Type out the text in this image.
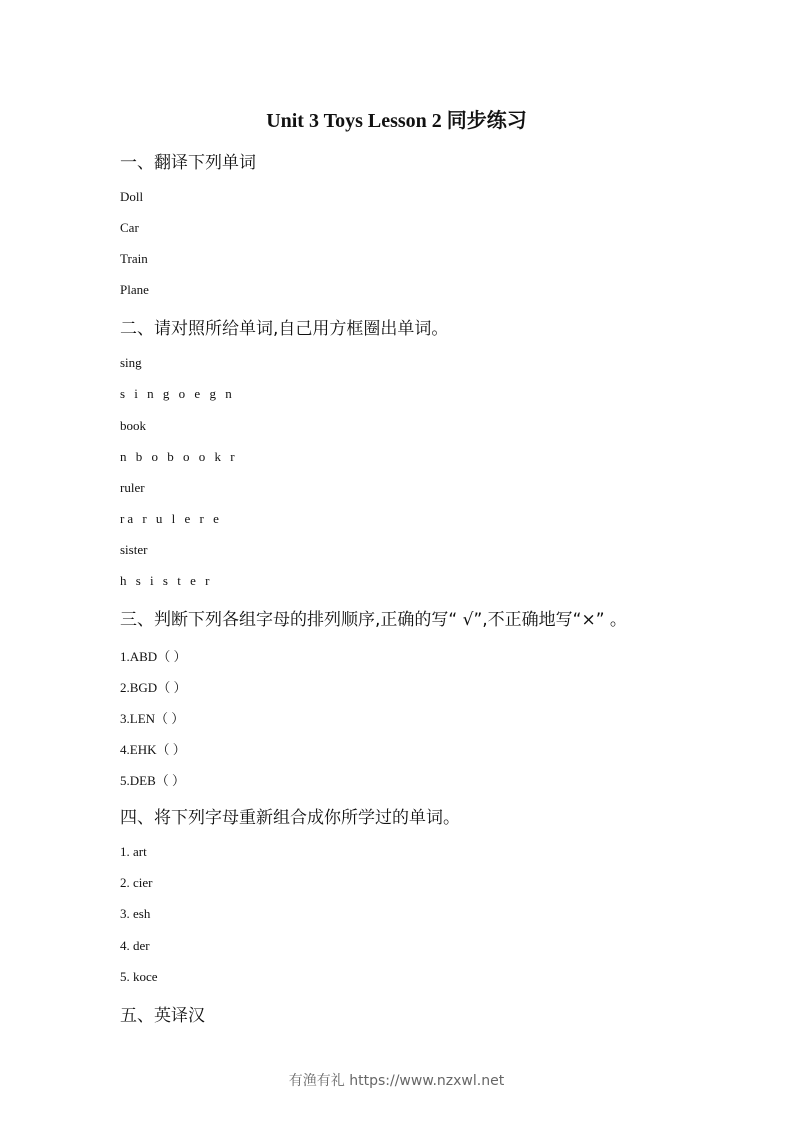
Unit 3 Toys Lesson 2 同步练习
一、翻译下列单词

Doll

Car

Train

Plane

二、请对照所给单词,自己用方框圈出单词。

sing

s i n g o e g n

book

n b o b o o k r

ruler

ra r u l e r e

sister

h s i s t e r

三、判断下列各组字母的排列顺序,正确的写“ √”,不正确地写“×” 。

1.ABD（ ）

2.BGD（ ）

3.LEN（ ）

4.EHK（ ）

5.DEB（ ）

四、将下列字母重新组合成你所学过的单词。

1. art

2. cier

3. esh

4. der

5. koce

五、英译汉
有渔有礼 https://www.nzxwl.net
